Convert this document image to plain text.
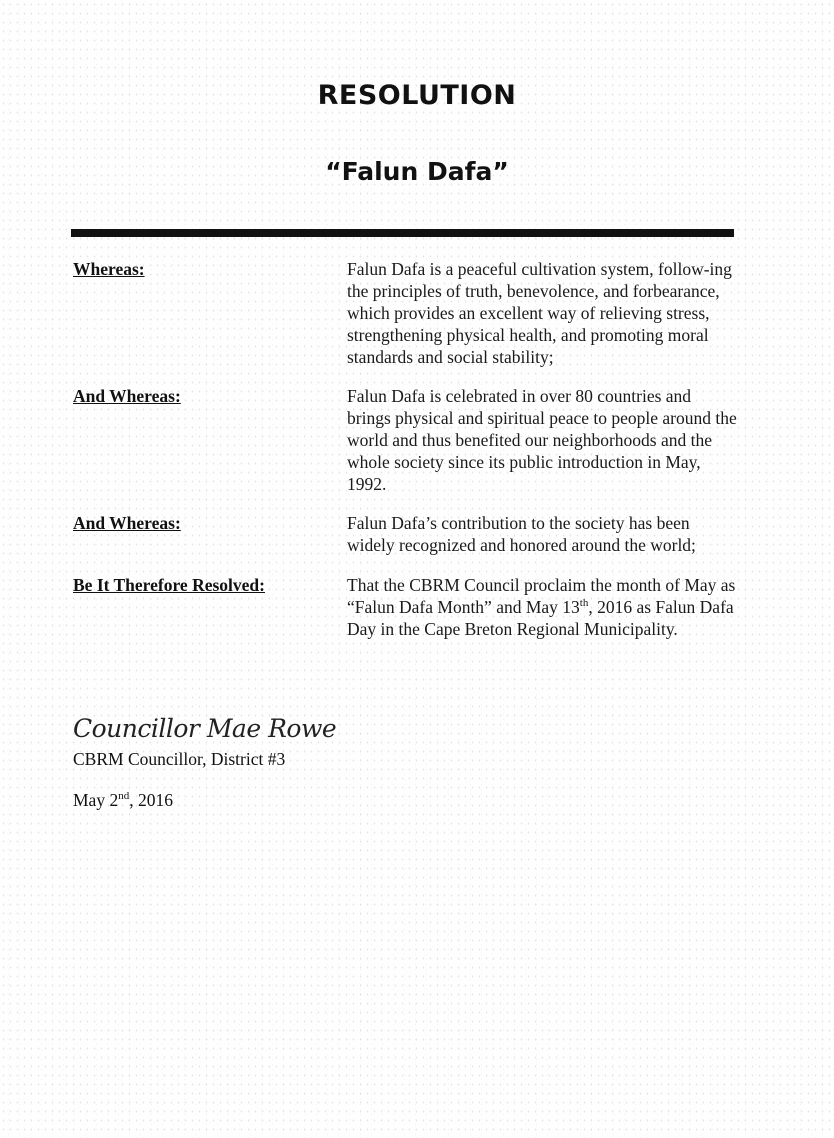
RESOLUTION
“Falun Dafa”
Whereas:	Falun Dafa is a peaceful cultivation system, follow-ing the principles of truth, benevolence, and forbearance, which provides an excellent way of relieving stress, strengthening physical health, and promoting moral standards and social stability;
And Whereas:	Falun Dafa is celebrated in over 80 countries and brings physical and spiritual peace to people around the world and thus benefited our neighborhoods and the whole society since its public introduction in May, 1992.
And Whereas:	Falun Dafa’s contribution to the society has been widely recognized and honored around the world;
Be It Therefore Resolved:	That the CBRM Council proclaim the month of May as “Falun Dafa Month” and May 13th, 2016 as Falun Dafa Day in the Cape Breton Regional Municipality.
Councillor Mae Rowe
CBRM Councillor, District #3
May 2nd, 2016
